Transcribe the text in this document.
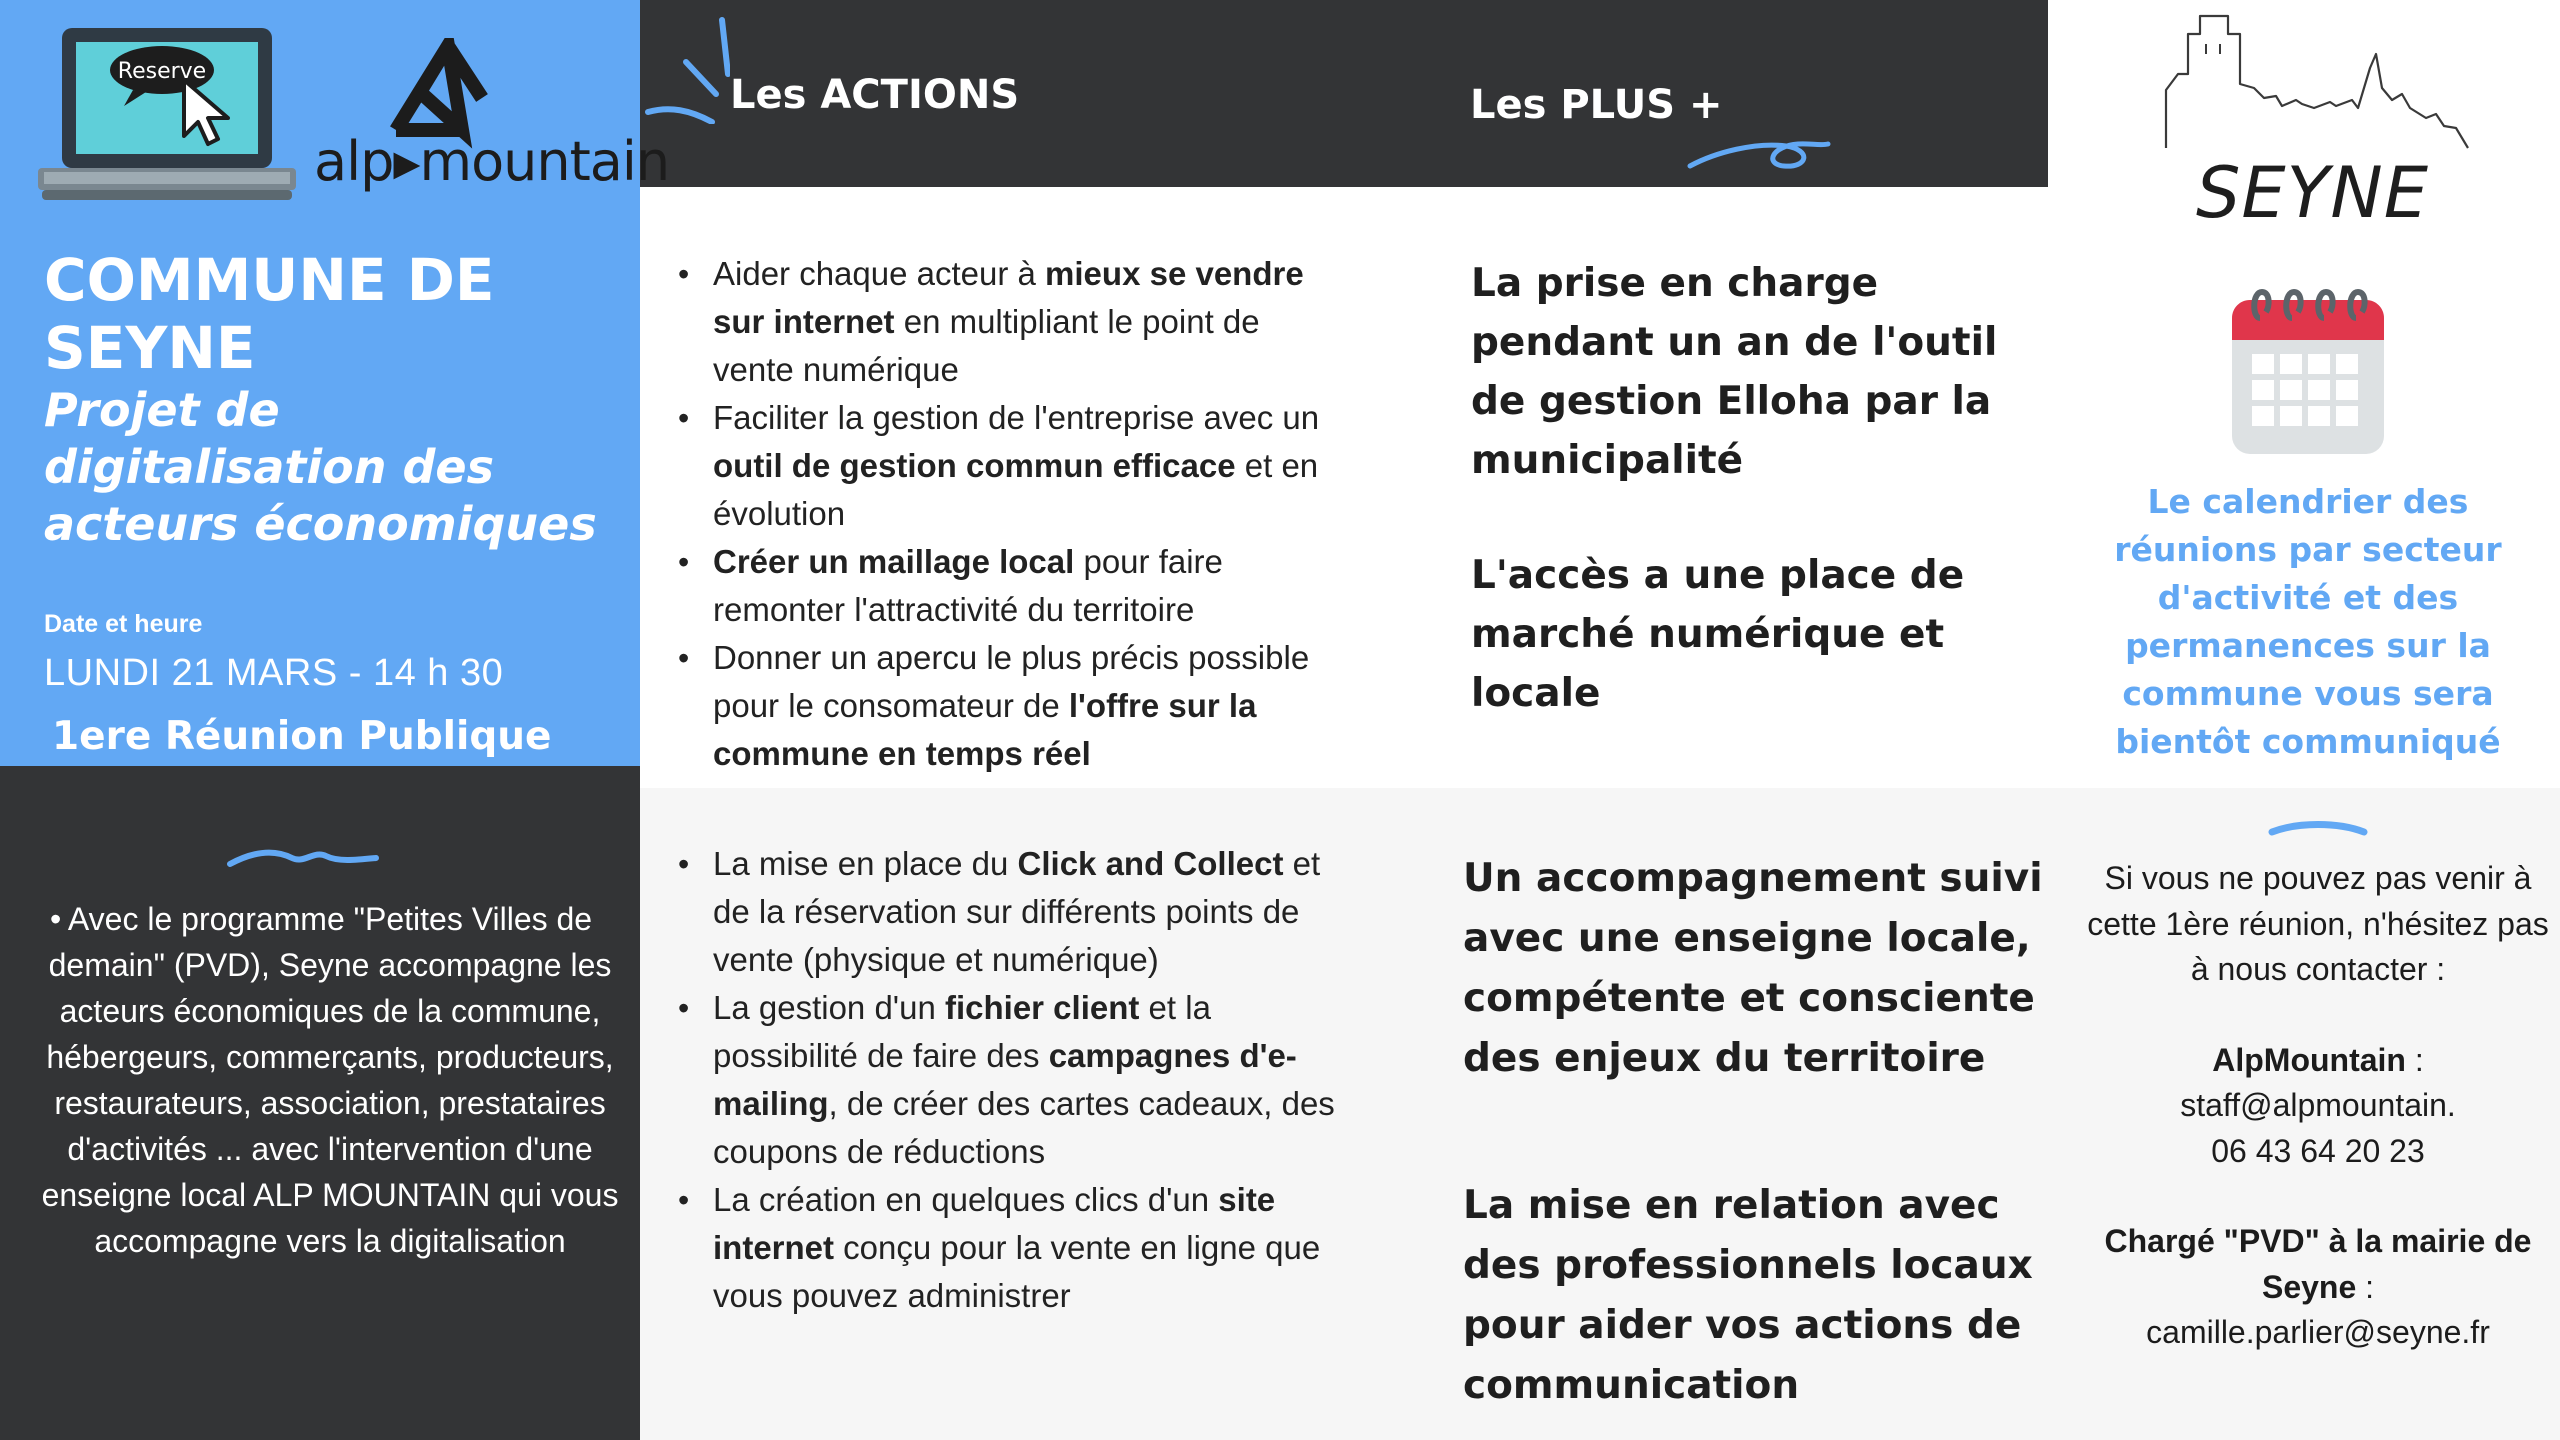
Reserve
alp▸mountain
COMMUNE DE SEYNE
Projet de digitalisation des acteurs économiques
Date et heure
LUNDI 21 MARS - 14 h 30
1ere Réunion Publique
• Avec le programme "Petites Villes de demain" (PVD), Seyne accompagne les acteurs économiques de la commune, hébergeurs, commerçants, producteurs, restaurateurs, association, prestataires d'activités ... avec l'intervention d'une enseigne local ALP MOUNTAIN qui vous accompagne vers la digitalisation
Les ACTIONS	Les PLUS +
• Aider chaque acteur à mieux se vendre sur internet en multipliant le point de vente numérique
• Faciliter la gestion de l'entreprise avec un outil de gestion commun efficace et en évolution
• Créer un maillage local pour faire remonter l'attractivité du territoire
• Donner un apercu le plus précis possible pour le consomateur de l'offre sur la commune en temps réel
• La mise en place du Click and Collect et de la réservation sur différents points de vente (physique et numérique)
• La gestion d'un fichier client et la possibilité de faire des campagnes d'e-mailing, de créer des cartes cadeaux, des coupons de réductions
• La création en quelques clics d'un site internet conçu pour la vente en ligne que vous pouvez administrer

La prise en charge pendant un an de l'outil de gestion Elloha par la municipalité

L'accès a une place de marché numérique et locale

Un accompagnement suivi avec une enseigne locale, compétente et consciente des enjeux du territoire

La mise en relation avec des professionnels locaux pour aider vos actions de communication

SEYNE

Le calendrier des réunions par secteur d'activité et des permanences sur la commune vous sera bientôt communiqué

Si vous ne pouvez pas venir à cette 1ère réunion, n'hésitez pas à nous contacter :
AlpMountain :
staff@alpmountain.
06 43 64 20 23
Chargé "PVD" à la mairie de Seyne :
camille.parlier@seyne.fr
